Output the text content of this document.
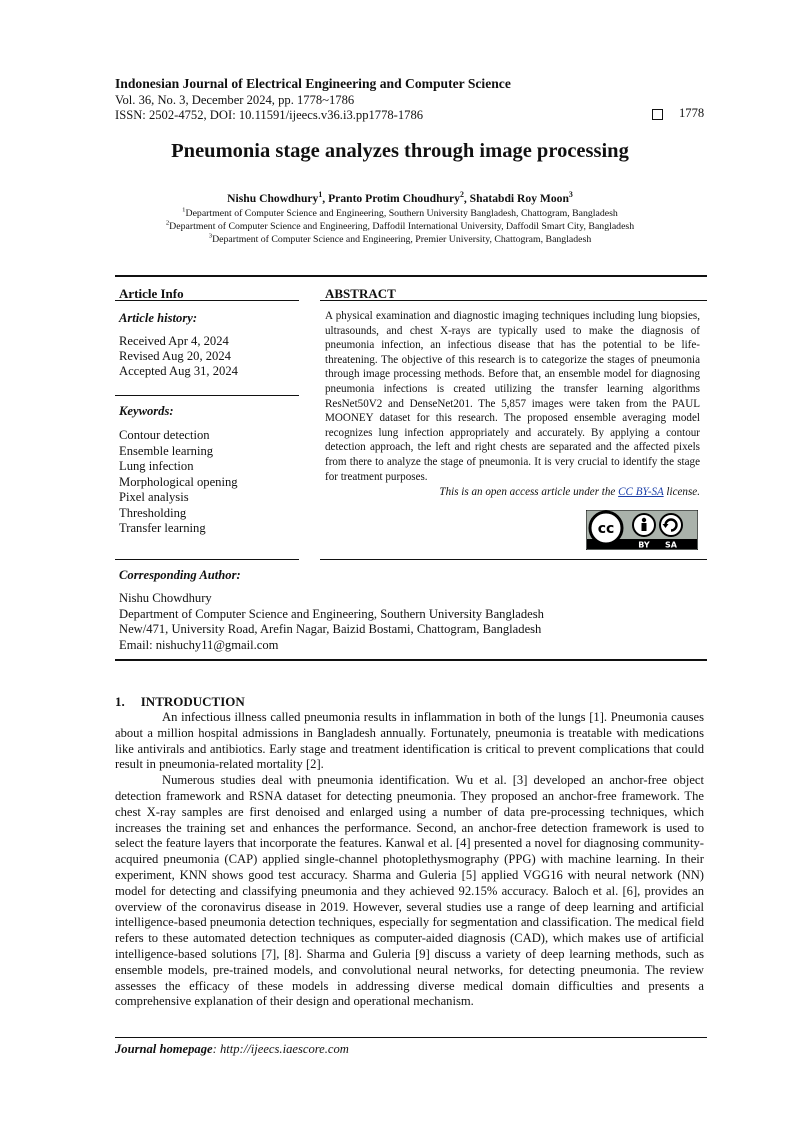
Indonesian Journal of Electrical Engineering and Computer Science
Vol. 36, No. 3, December 2024, pp. 1778~1786
ISSN: 2502-4752, DOI: 10.11591/ijeecs.v36.i3.pp1778-1786	1778
Pneumonia stage analyzes through image processing
Nishu Chowdhury$^1$, Pranto Protim Choudhury$^2$, Shatabdi Roy Moon$^3$
$^1$Department of Computer Science and Engineering, Southern University Bangladesh, Chattogram, Bangladesh
$^2$Department of Computer Science and Engineering, Daffodil International University, Daffodil Smart City, Bangladesh
$^3$Department of Computer Science and Engineering, Premier University, Chattogram, Bangladesh
Article Info
Article history:
Received Apr 4, 2024
Revised Aug 20, 2024
Accepted Aug 31, 2024
Keywords:
Contour detection
Ensemble learning
Lung infection
Morphological opening
Pixel analysis
Thresholding
Transfer learning
ABSTRACT
A physical examination and diagnostic imaging techniques including lung biopsies, ultrasounds, and chest X-rays are typically used to make the diagnosis of pneumonia infection, an infectious disease that has the potential to be life-threatening. The objective of this research is to categorize the stages of pneumonia through image processing methods. Before that, an ensemble model for diagnosing pneumonia infections is created utilizing the transfer learning algorithms ResNet50V2 and DenseNet201. The 5,857 images were taken from the PAUL MOONEY dataset for this research. The proposed ensemble averaging model recognizes lung infection appropriately and accurately. By applying a contour detection approach, the left and right chests are separated and the affected pixels from there to analyze the stage of pneumonia. It is very crucial to identify the stage for treatment purposes.
This is an open access article under the CC BY-SA license.
cc
BY SA
Corresponding Author:
Nishu Chowdhury
Department of Computer Science and Engineering, Southern University Bangladesh
New/471, University Road, Arefin Nagar, Baizid Bostami, Chattogram, Bangladesh
Email: nishuchy11@gmail.com
1. INTRODUCTION

An infectious illness called pneumonia results in inflammation in both of the lungs [1]. Pneumonia causes about a million hospital admissions in Bangladesh annually. Fortunately, pneumonia is treatable with medications like antivirals and antibiotics. Early stage and treatment identification is critical to prevent complications that could result in pneumonia-related mortality [2].

Numerous studies deal with pneumonia identification. Wu et al. [3] developed an anchor-free object detection framework and RSNA dataset for detecting pneumonia. They proposed an anchor-free framework. The chest X-ray samples are first denoised and enlarged using a number of data pre-processing techniques, which increases the training set and enhances the performance. Second, an anchor-free detection framework is used to select the feature layers that incorporate the features. Kanwal et al. [4] presented a novel for diagnosing community-acquired pneumonia (CAP) applied single-channel photoplethysmography (PPG) with machine learning. In their experiment, KNN shows good test accuracy. Sharma and Guleria [5] applied VGG16 with neural network (NN) model for detecting and classifying pneumonia and they achieved 92.15% accuracy. Baloch et al. [6], provides an overview of the coronavirus disease in 2019. However, several studies use a range of deep learning and artificial intelligence-based pneumonia detection techniques, especially for segmentation and classification. The medical field refers to these automated detection techniques as computer-aided diagnosis (CAD), which makes use of artificial intelligence-based solutions [7], [8]. Sharma and Guleria [9] discuss a variety of deep learning methods, such as ensemble models, pre-trained models, and convolutional neural networks, for detecting pneumonia. The review assesses the efficacy of these models in addressing diverse medical domain difficulties and presents a comprehensive explanation of their design and operational mechanism.

Journal homepage: http://ijeecs.iaescore.com
